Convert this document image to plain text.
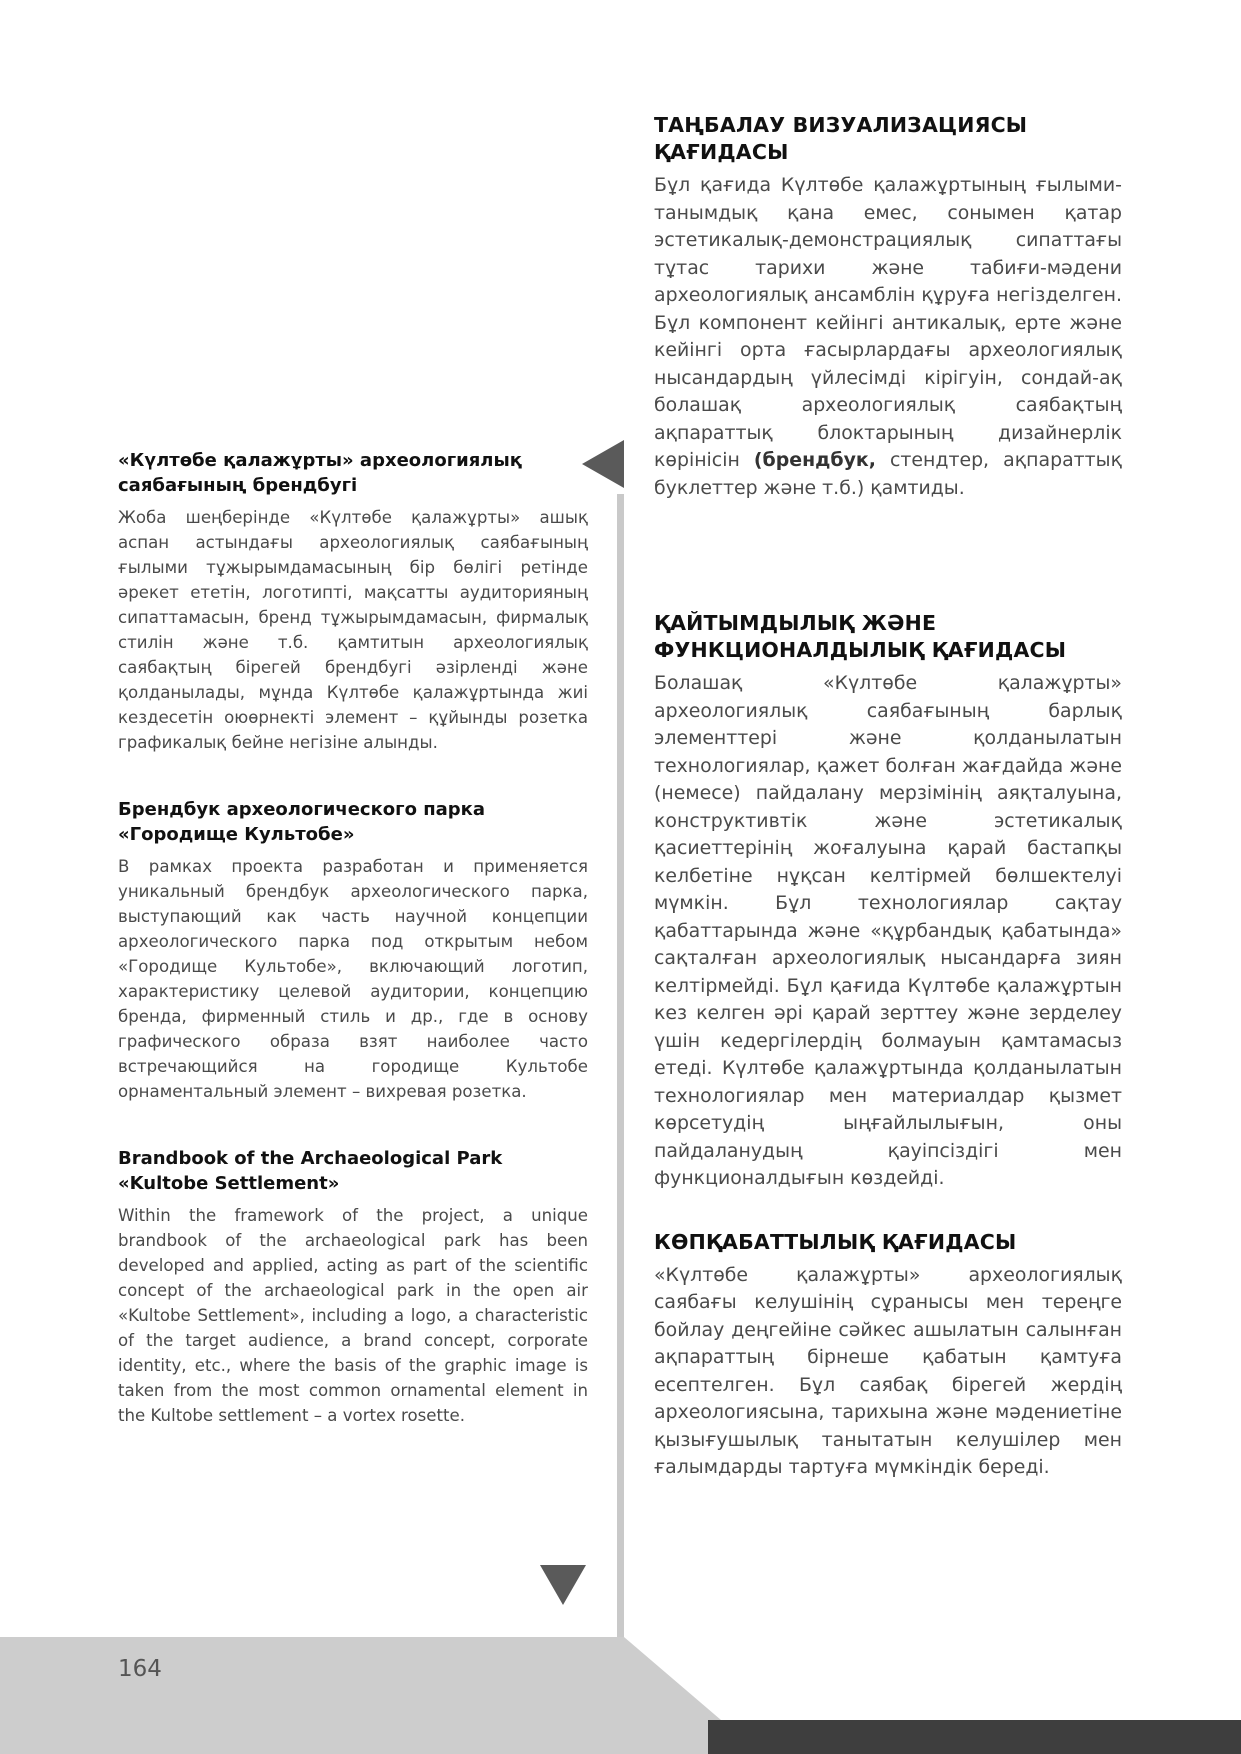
«Күлтөбе қалажұрты» археологиялық
саябағының брендбугі

Жоба шеңберінде «Күлтөбе қалажұрты» ашық аспан астындағы археологиялық саябағының ғылыми тұжырымдамасының бір бөлігі ретінде әрекет ететін, логотипті, мақсатты аудиторияның сипаттамасын, бренд тұжырымдамасын, фирмалық стилін және т.б. қамтитын археологиялық саябақтың бірегей брендбугі әзірленді және қолданылады, мұнда Күлтөбе қалажұртында жиі кездесетін оюөрнекті элемент – құйынды розетка графикалық бейне негізіне алынды.

Брендбук археологического парка
«Городище Культобе»

В рамках проекта разработан и применяется уникальный брендбук археологического парка, выступающий как часть научной концепции археологического парка под открытым небом «Городище Культобе», включающий логотип, характеристику целевой аудитории, концепцию бренда, фирменный стиль и др., где в основу графического образа взят наиболее часто встречающийся на городище Культобе орнаментальный элемент – вихревая розетка.

Brandbook of the Archaeological Park
«Kultobe Settlement»

Within the framework of the project, a unique brandbook of the archaeological park has been developed and applied, acting as part of the scientific concept of the archaeological park in the open air «Kultobe Settlement», including a logo, a characteristic of the target audience, a brand concept, corporate identity, etc., where the basis of the graphic image is taken from the most common ornamental element in the Kultobe settlement – a vortex rosette.

ТАҢБАЛАУ ВИЗУАЛИЗАЦИЯСЫ
ҚАҒИДАСЫ

Бұл қағида Күлтөбе қалажұртының ғылыми-танымдық қана емес, сонымен қатар эстетикалық-демонстрациялық сипаттағы тұтас тарихи және табиғи-мәдени археологиялық ансамблін құруға негізделген. Бұл компонент кейінгі антикалық, ерте және кейінгі орта ғасырлардағы археологиялық нысандардың үйлесімді кірігуін, сондай-ақ болашақ археологиялық саябақтың ақпараттық блоктарының дизайнерлік көрінісін (брендбук, стендтер, ақпараттық буклеттер және т.б.) қамтиды.

ҚАЙТЫМДЫЛЫҚ ЖӘНЕ
ФУНКЦИОНАЛДЫЛЫҚ ҚАҒИДАСЫ

Болашақ «Күлтөбе қалажұрты» археологиялық саябағының барлық элементтері және қолданылатын технологиялар, қажет болған жағдайда және (немесе) пайдалану мерзімінің аяқталуына, конструктивтік және эстетикалық қасиеттерінің жоғалуына қарай бастапқы келбетіне нұқсан келтірмей бөлшектелуі мүмкін. Бұл технологиялар сақтау қабаттарында және «құрбандық қабатында» сақталған археологиялық нысандарға зиян келтірмейді. Бұл қағида Күлтөбе қалажұртын кез келген әрі қарай зерттеу және зерделеу үшін кедергілердің болмауын қамтамасыз етеді. Күлтөбе қалажұртында қолданылатын технологиялар мен материалдар қызмет көрсетудің ыңғайлылығын, оны пайдаланудың қауіпсіздігі мен функционалдығын көздейді.

КӨПҚАБАТТЫЛЫҚ ҚАҒИДАСЫ

«Күлтөбе қалажұрты» археологиялық саябағы келушінің сұранысы мен тереңге бойлау деңгейіне сәйкес ашылатын салынған ақпараттың бірнеше қабатын қамтуға есептелген. Бұл саябақ бірегей жердің археологиясына, тарихына және мәдениетіне қызығушылық танытатын келушілер мен ғалымдарды тартуға мүмкіндік береді.

164
